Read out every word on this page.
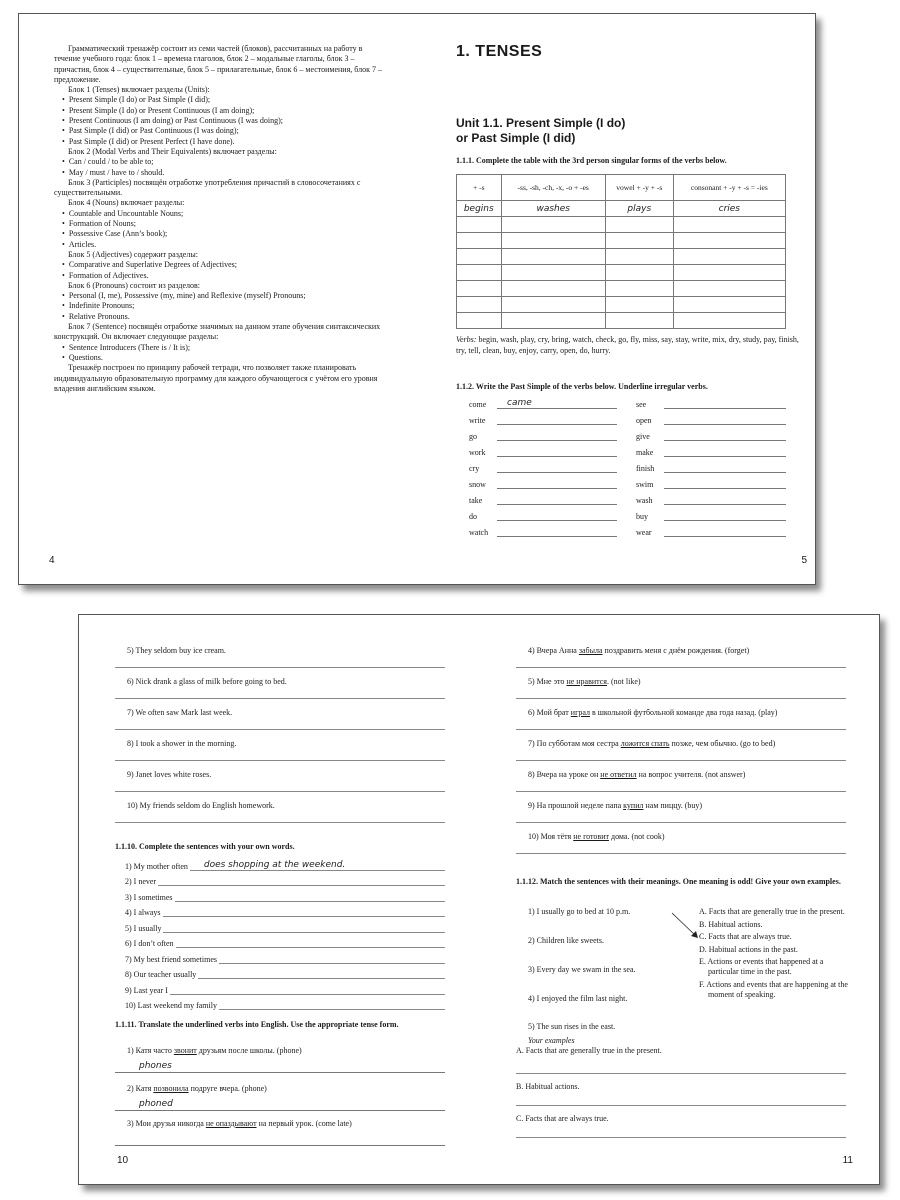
Грамматический тренажёр состоит из семи частей (блоков), рассчитанных на работу в течение учебного года: блок 1 – времена глаголов, блок 2 – модальные глаголы, блок 3 – причастия, блок 4 – существительные, блок 5 – прилагательные, блок 6 – местоимения, блок 7 – предложение.
Блок 1 (Tenses) включает разделы (Units):
• Present Simple (I do) or Past Simple (I did);
• Present Simple (I do) or Present Continuous (I am doing);
• Present Continuous (I am doing) or Past Continuous (I was doing);
• Past Simple (I did) or Past Continuous (I was doing);
• Past Simple (I did) or Present Perfect (I have done).
Блок 2 (Modal Verbs and Their Equivalents) включает разделы:
• Can / could / to be able to;
• May / must / have to / should.
Блок 3 (Participles) посвящён отработке употребления причастий в словосочетаниях с существительными.
Блок 4 (Nouns) включает разделы:
• Countable and Uncountable Nouns;
• Formation of Nouns;
• Possessive Case (Ann’s book);
• Articles.
Блок 5 (Adjectives) содержит разделы:
• Comparative and Superlative Degrees of Adjectives;
• Formation of Adjectives.
Блок 6 (Pronouns) состоит из разделов:
• Personal (I, me), Possessive (my, mine) and Reflexive (myself) Pronouns;
• Indefinite Pronouns;
• Relative Pronouns.
Блок 7 (Sentence) посвящён отработке значимых на данном этапе обучения синтаксических конструкций. Он включает следующие разделы:
• Sentence Introducers (There is / It is);
• Questions.
Тренажёр построен по принципу рабочей тетради, что позволяет также планировать индивидуальную образовательную программу для каждого обучающегося с учётом его уровня владения английским языком.
4
1. TENSES
Unit 1.1. Present Simple (I do)
or Past Simple (I did)
1.1.1. Complete the table with the 3rd person singular forms of the verbs below.
+ -s	-ss, -sh, -ch, -x, -o + -es	vowel + -y + -s	consonant + -y + -s = -ies
begins	washes	plays	cries

Verbs: begin, wash, play, cry, bring, watch, check, go, fly, miss, say, stay, write, mix, dry, study, pay, finish, try, tell, clean, buy, enjoy, carry, open, do, hurry.
1.1.2. Write the Past Simple of the verbs below. Underline irregular verbs.
come	came
write
go
work
cry
snow
take
do
watch
see
open
give
make
finish
swim
wash
buy
wear
5
5) They seldom buy ice cream.
6) Nick drank a glass of milk before going to bed.
7) We often saw Mark last week.
8) I took a shower in the morning.
9) Janet loves white roses.
10) My friends seldom do English homework.
1.1.10. Complete the sentences with your own words.
1) My mother often does shopping at the weekend.
2) I never
3) I sometimes
4) I always
5) I usually
6) I don’t often
7) My best friend sometimes
8) Our teacher usually
9) Last year I
10) Last weekend my family
1.1.11. Translate the underlined verbs into English. Use the appropriate tense form.
1) Катя часто звонит друзьям после школы. (phone)
phones
2) Катя позвонила подруге вчера. (phone)
phoned
3) Мои друзья никогда не опаздывают на первый урок. (come late)
10
4) Вчера Анна забыла поздравить меня с днём рождения. (forget)
5) Мне это не нравится. (not like)
6) Мой брат играл в школьной футбольной команде два года назад. (play)
7) По субботам моя сестра ложится спать позже, чем обычно. (go to bed)
8) Вчера на уроке он не ответил на вопрос учителя. (not answer)
9) На прошлой неделе папа купил нам пиццу. (buy)
10) Моя тётя не готовит дома. (not cook)
1.1.12. Match the sentences with their meanings. One meaning is odd! Give your own examples.
1) I usually go to bed at 10 p.m.
2) Children like sweets.
3) Every day we swam in the sea.
4) I enjoyed the film last night.
5) The sun rises in the east.
A. Facts that are generally true in the present.
B. Habitual actions.
C. Facts that are always true.
D. Habitual actions in the past.
E. Actions or events that happened at a particular time in the past.
F. Actions and events that are happening at the moment of speaking.
Your examples
A. Facts that are generally true in the present.
B. Habitual actions.
C. Facts that are always true.
11
